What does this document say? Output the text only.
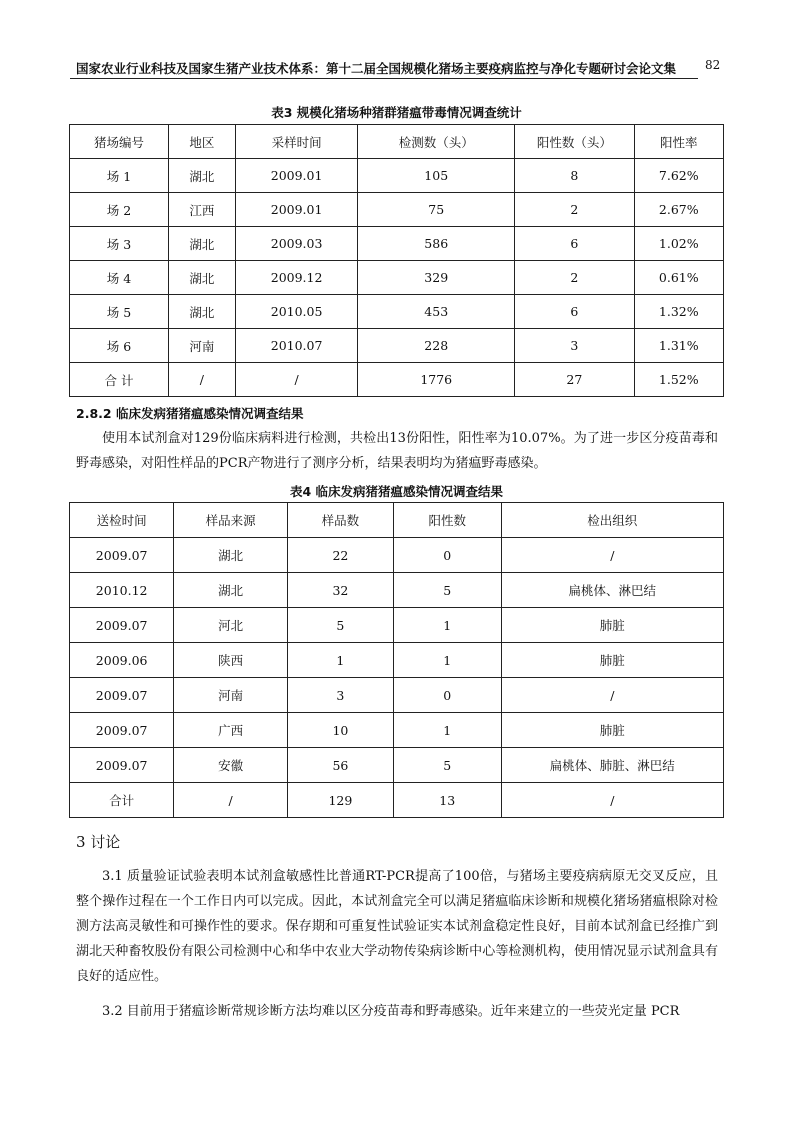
国家农业行业科技及国家生猪产业技术体系：第十二届全国规模化猪场主要疫病监控与净化专题研讨会论文集 82
表3 规模化猪场种猪群猪瘟带毒情况调查统计
猪场编号	地区	采样时间	检测数（头）	阳性数（头）	阳性率
场 1	湖北	2009.01	105	8	7.62%
场 2	江西	2009.01	75	2	2.67%
场 3	湖北	2009.03	586	6	1.02%
场 4	湖北	2009.12	329	2	0.61%
场 5	湖北	2010.05	453	6	1.32%
场 6	河南	2010.07	228	3	1.31%
合 计	/	/	1776	27	1.52%
2.8.2 临床发病猪猪瘟感染情况调查结果
使用本试剂盒对129份临床病料进行检测，共检出13份阳性，阳性率为10.07%。为了进一步区分疫苗毒和野毒感染，对阳性样品的PCR产物进行了测序分析，结果表明均为猪瘟野毒感染。
表4 临床发病猪猪瘟感染情况调查结果
送检时间	样品来源	样品数	阳性数	检出组织
2009.07	湖北	22	0	/
2010.12	湖北	32	5	扁桃体、淋巴结
2009.07	河北	5	1	肺脏
2009.06	陕西	1	1	肺脏
2009.07	河南	3	0	/
2009.07	广西	10	1	肺脏
2009.07	安徽	56	5	扁桃体、肺脏、淋巴结
合计	/	129	13	/
3 讨论
3.1 质量验证试验表明本试剂盒敏感性比普通RT-PCR提高了100倍，与猪场主要疫病病原无交叉反应，且整个操作过程在一个工作日内可以完成。因此，本试剂盒完全可以满足猪瘟临床诊断和规模化猪场猪瘟根除对检测方法高灵敏性和可操作性的要求。保存期和可重复性试验证实本试剂盒稳定性良好，目前本试剂盒已经推广到湖北天种畜牧股份有限公司检测中心和华中农业大学动物传染病诊断中心等检测机构，使用情况显示试剂盒具有良好的适应性。
3.2 目前用于猪瘟诊断常规诊断方法均难以区分疫苗毒和野毒感染。近年来建立的一些荧光定量 PCR
